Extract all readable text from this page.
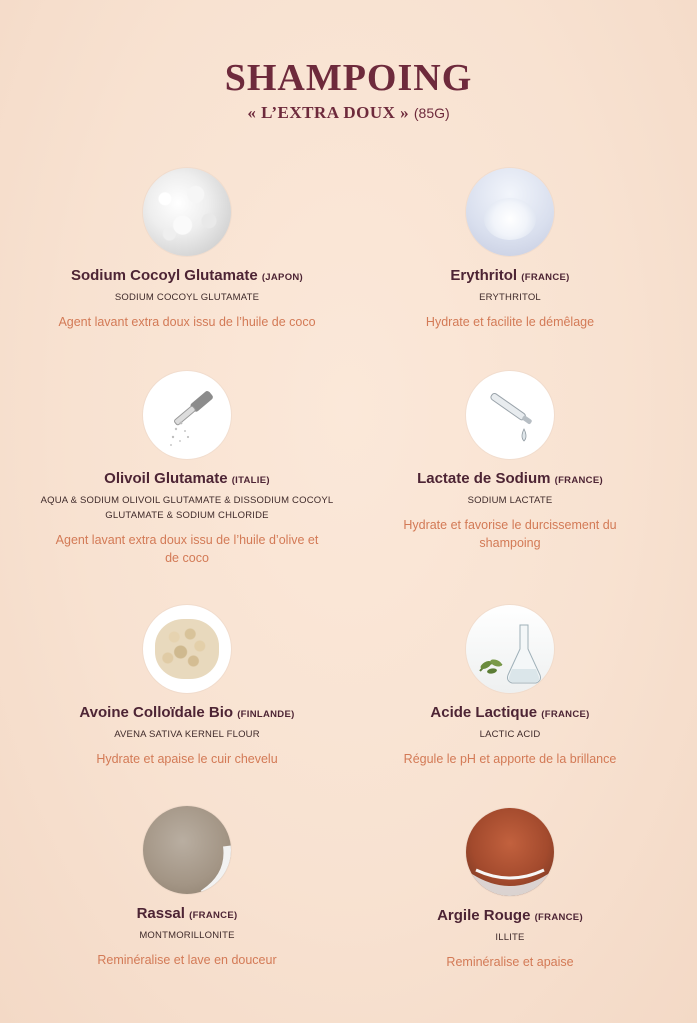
SHAMPOING
« L’EXTRA DOUX » (85G)
Sodium Cocoyl Glutamate (JAPON)
SODIUM COCOYL GLUTAMATE
Agent lavant extra doux issu de l’huile de coco
Erythritol (FRANCE)
ERYTHRITOL
Hydrate et facilite le démêlage
Olivoil Glutamate (ITALIE)
AQUA & SODIUM OLIVOIL GLUTAMATE & DISSODIUM COCOYL GLUTAMATE & SODIUM CHLORIDE
Agent lavant extra doux issu de l’huile d’olive et de coco
Lactate de Sodium (FRANCE)
SODIUM LACTATE
Hydrate et favorise le durcissement du shampoing
Avoine Colloïdale Bio (FINLANDE)
AVENA SATIVA KERNEL FLOUR
Hydrate et apaise le cuir chevelu
Acide Lactique (FRANCE)
LACTIC ACID
Régule le pH et apporte de la brillance
Rassal (FRANCE)
MONTMORILLONITE
Reminéralise et lave en douceur
Argile Rouge (FRANCE)
ILLITE
Reminéralise et apaise
